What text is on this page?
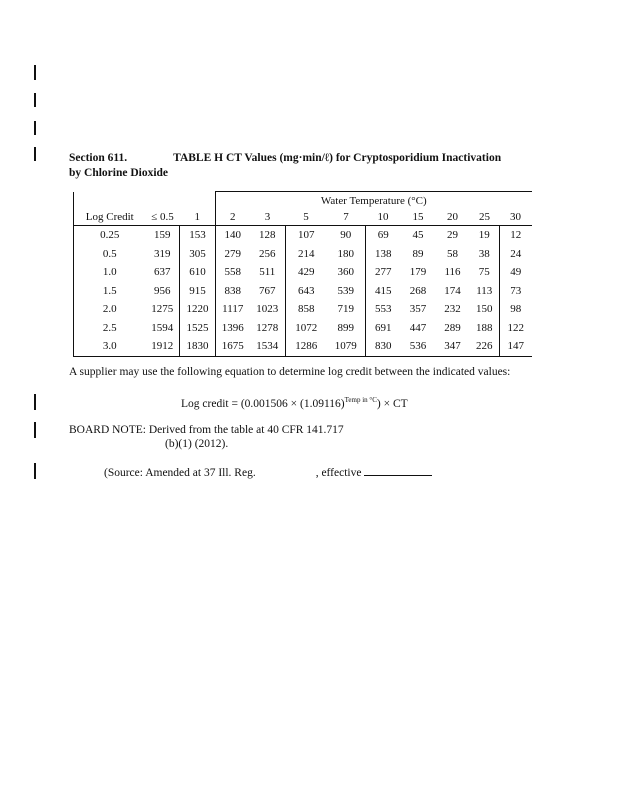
Section 611.	TABLE H CT Values (mg·min/ℓ) for Cryptosporidium Inactivation
by Chlorine Dioxide
			Water Temperature (°C)								
Log Credit	≤ 0.5	1	2	3	5	7	10	15	20	25	30
0.25	159	153	140	128	107	90	69	45	29	19	12
0.5	319	305	279	256	214	180	138	89	58	38	24
1.0	637	610	558	511	429	360	277	179	116	75	49
1.5	956	915	838	767	643	539	415	268	174	113	73
2.0	1275	1220	1117	1023	858	719	553	357	232	150	98
2.5	1594	1525	1396	1278	1072	899	691	447	289	188	122
3.0	1912	1830	1675	1534	1286	1079	830	536	347	226	147
A supplier may use the following equation to determine log credit between the indicated values:
Log credit = $(0.001506 \times (1.09116)^{Temp in ^\circ C})$ × CT
BOARD NOTE: Derived from the table at 40 CFR 141.717
(b)(1) (2012).
(Source: Amended at 37 Ill. Reg.	, effective
